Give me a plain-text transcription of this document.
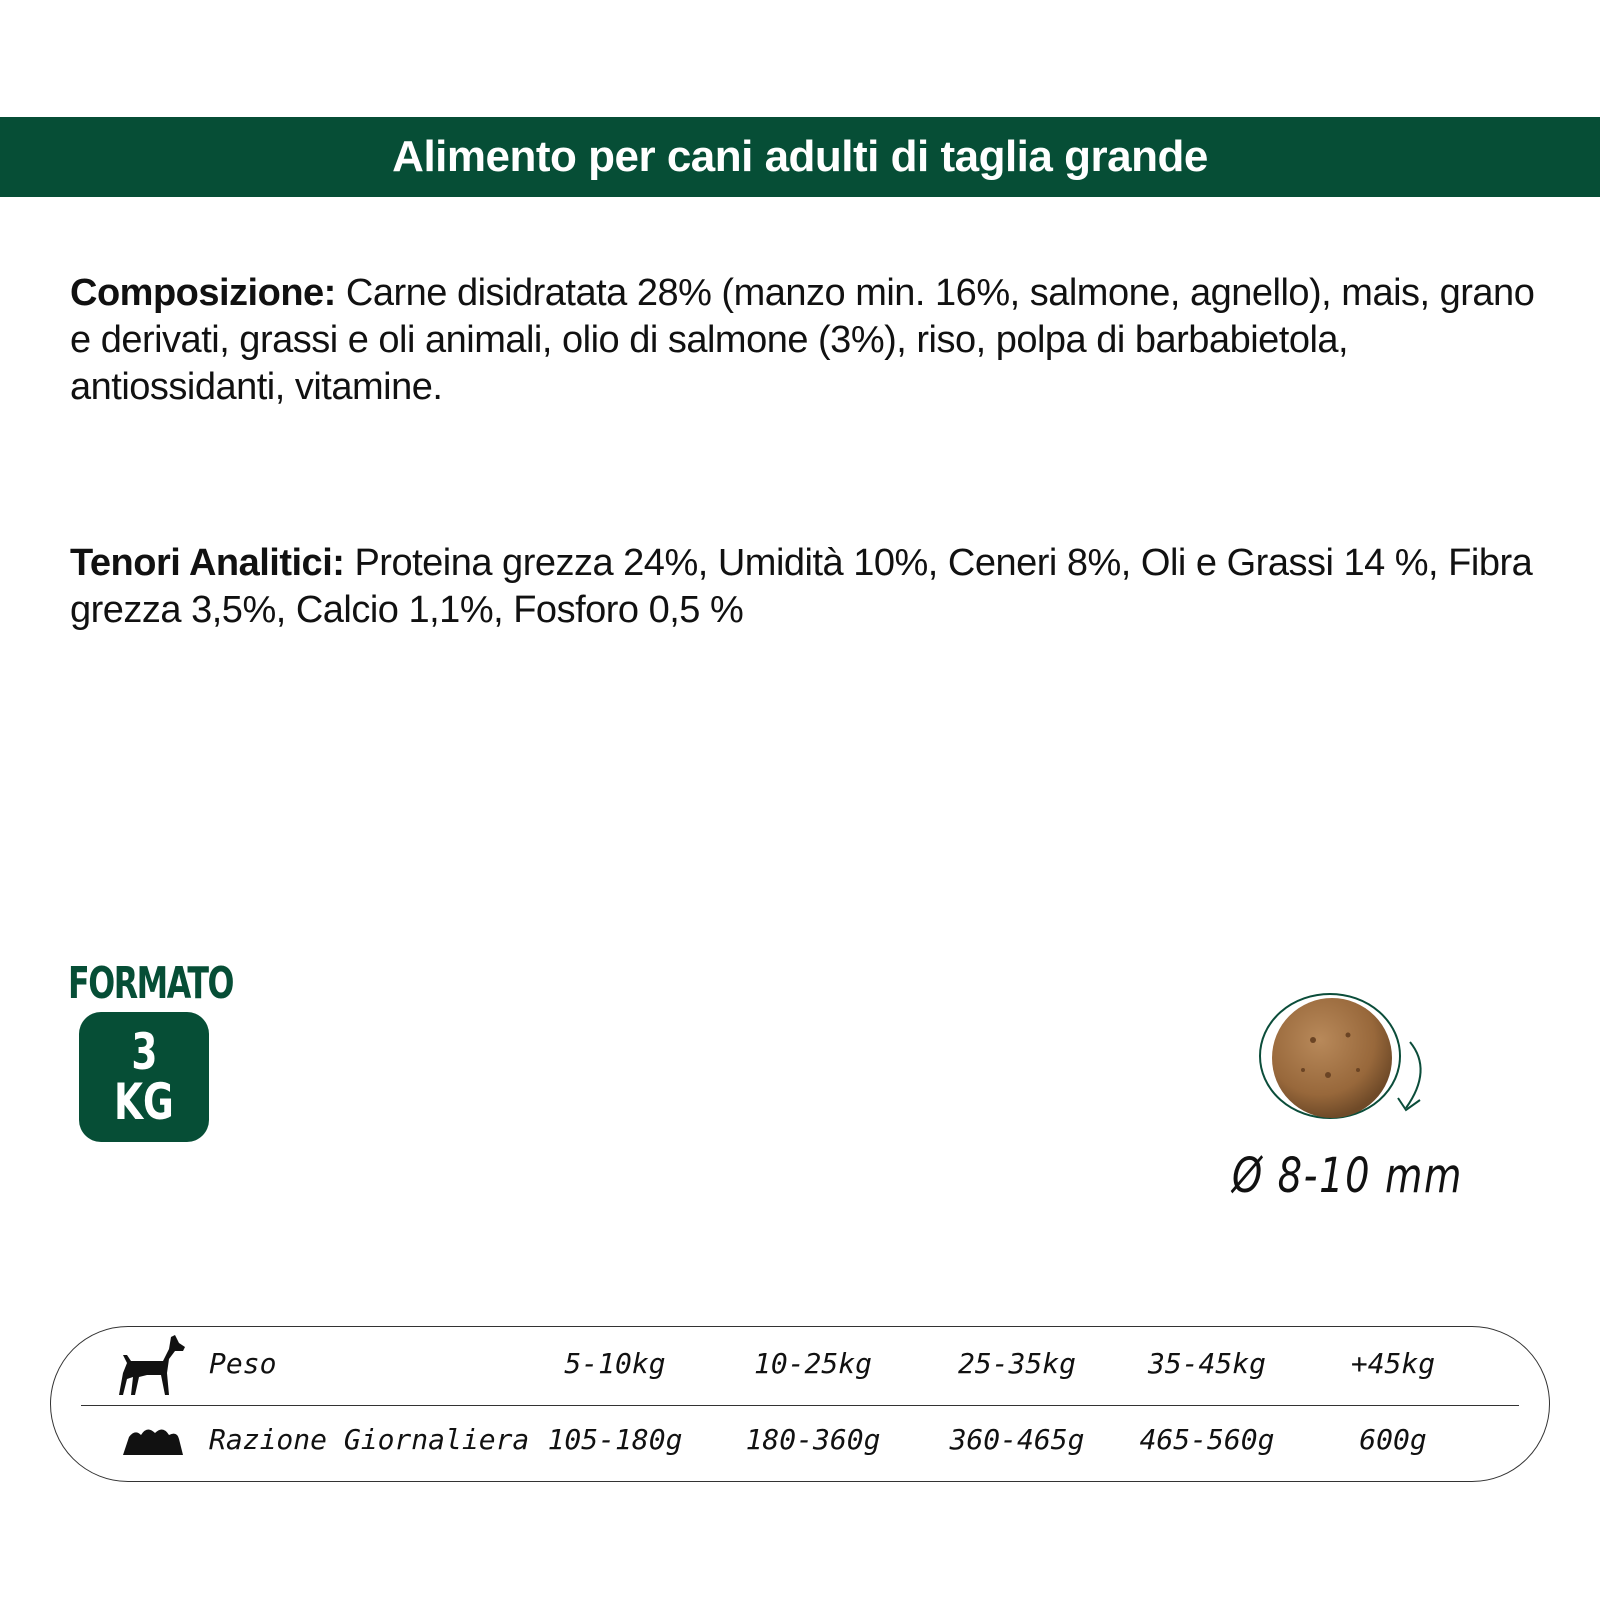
Alimento per cani adulti di taglia grande
Composizione: Carne disidratata 28% (manzo min. 16%, salmone, agnello), mais, grano e derivati, grassi e oli animali, olio di salmone (3%), riso, polpa di barbabietola, antiossidanti, vitamine.
Tenori Analitici: Proteina grezza 24%, Umidità 10%, Ceneri 8%, Oli e Grassi 14 %, Fibra grezza 3,5%, Calcio 1,1%, Fosforo 0,5 %
FORMATO
3
KG
Ø 8-10 mm
Peso	5-10kg	10-25kg	25-35kg	35-45kg	+45kg
Razione Giornaliera 105-180g	180-360g	360-465g	465-560g	600g
